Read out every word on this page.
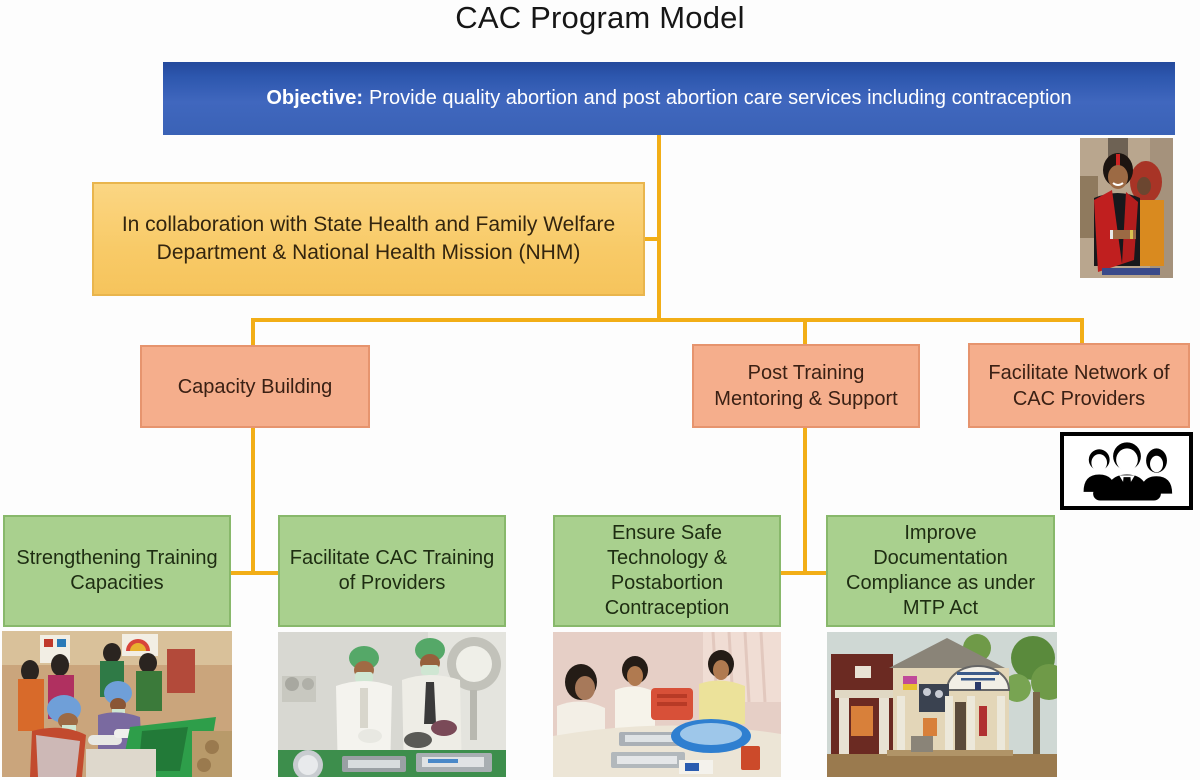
CAC Program Model
Objective: Provide quality abortion and post abortion care services including contraception
In collaboration with State Health and Family Welfare Department & National Health Mission (NHM)
Capacity Building
Post Training Mentoring & Support
Facilitate Network of CAC Providers
Strengthening Training Capacities
Facilitate CAC Training of Providers
Ensure Safe Technology & Postabortion Contraception
Improve Documentation Compliance as under MTP Act
